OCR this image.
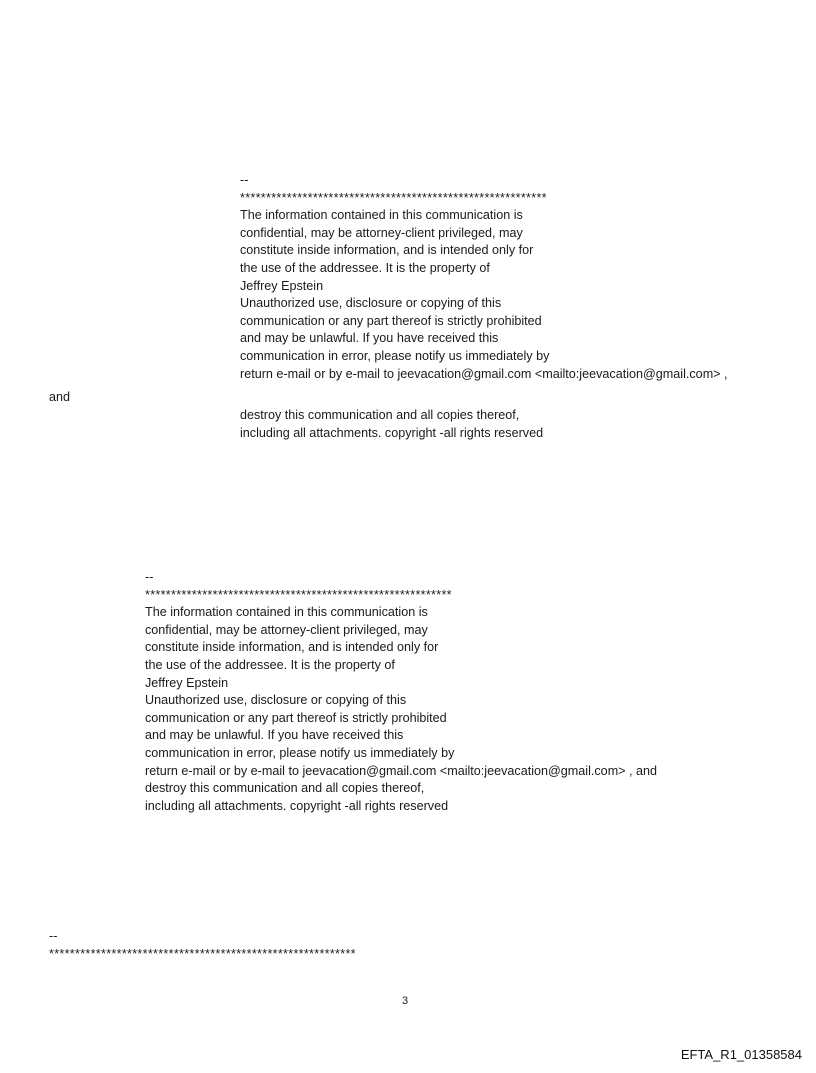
--
***********************************************************
The information contained in this communication is
confidential, may be attorney-client privileged, may
constitute inside information, and is intended only for
the use of the addressee. It is the property of
Jeffrey Epstein
Unauthorized use, disclosure or copying of this
communication or any part thereof is strictly prohibited
and may be unlawful. If you have received this
communication in error, please notify us immediately by
return e-mail or by e-mail to jeevacation@gmail.com <mailto:jeevacation@gmail.com> ,
and
destroy this communication and all copies thereof,
including all attachments. copyright -all rights reserved
--
***********************************************************
The information contained in this communication is
confidential, may be attorney-client privileged, may
constitute inside information, and is intended only for
the use of the addressee. It is the property of
Jeffrey Epstein
Unauthorized use, disclosure or copying of this
communication or any part thereof is strictly prohibited
and may be unlawful. If you have received this
communication in error, please notify us immediately by
return e-mail or by e-mail to jeevacation@gmail.com <mailto:jeevacation@gmail.com> , and
destroy this communication and all copies thereof,
including all attachments. copyright -all rights reserved
--
***********************************************************
3
EFTA_R1_01358584
